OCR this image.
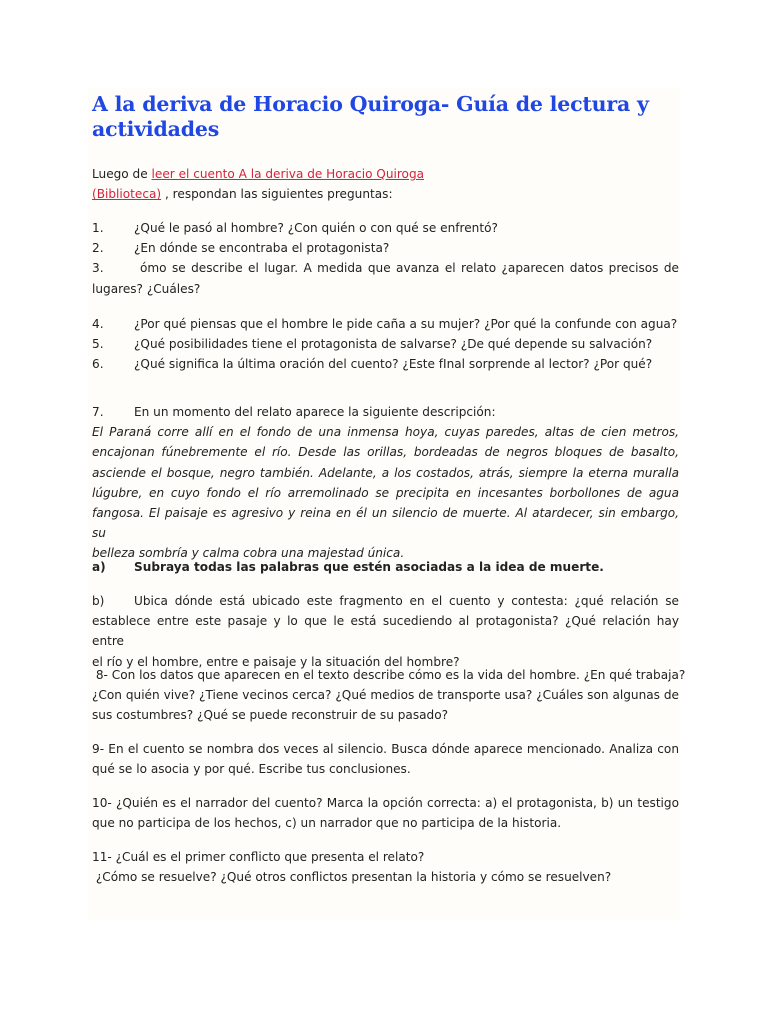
A la deriva de Horacio Quiroga- Guía de lectura y actividades
Luego de leer el cuento A la deriva de Horacio Quiroga
(Biblioteca) , respondan las siguientes preguntas:
1.	¿Qué le pasó al hombre? ¿Con quién o con qué se enfrentó?
2.	¿En dónde se encontraba el protagonista?
3.	ómo se describe el lugar. A medida que avanza el relato ¿aparecen datos precisos de
lugares? ¿Cuáles?
4.	¿Por qué piensas que el hombre le pide caña a su mujer? ¿Por qué la confunde con agua?
5.	¿Qué posibilidades tiene el protagonista de salvarse? ¿De qué depende su salvación?
6.	¿Qué significa la última oración del cuento? ¿Este fInal sorprende al lector? ¿Por qué?
7.	En un momento del relato aparece la siguiente descripción:
El Paraná corre allí en el fondo de una inmensa hoya, cuyas paredes, altas de cien metros,
encajonan fúnebremente el río. Desde las orillas, bordeadas de negros bloques de basalto,
asciende el bosque, negro también. Adelante, a los costados, atrás, siempre la eterna muralla
lúgubre, en cuyo fondo el río arremolinado se precipita en incesantes borbollones de agua
fangosa. El paisaje es agresivo y reina en él un silencio de muerte. Al atardecer, sin embargo, su
belleza sombría y calma cobra una majestad única.
a) Subraya todas las palabras que estén asociadas a la idea de muerte.
b) Ubica dónde está ubicado este fragmento en el cuento y contesta: ¿qué relación se
establece entre este pasaje y lo que le está sucediendo al protagonista? ¿Qué relación hay entre
el río y el hombre, entre e paisaje y la situación del hombre?
8- Con los datos que aparecen en el texto describe cómo es la vida del hombre. ¿En qué trabaja?
¿Con quién vive? ¿Tiene vecinos cerca? ¿Qué medios de transporte usa? ¿Cuáles son algunas de
sus costumbres? ¿Qué se puede reconstruir de su pasado?
9- En el cuento se nombra dos veces al silencio. Busca dónde aparece mencionado. Analiza con
qué se lo asocia y por qué. Escribe tus conclusiones.
10- ¿Quién es el narrador del cuento? Marca la opción correcta: a) el protagonista, b) un testigo
que no participa de los hechos, c) un narrador que no participa de la historia.
11- ¿Cuál es el primer conflicto que presenta el relato?
¿Cómo se resuelve? ¿Qué otros conflictos presentan la historia y cómo se resuelven?
